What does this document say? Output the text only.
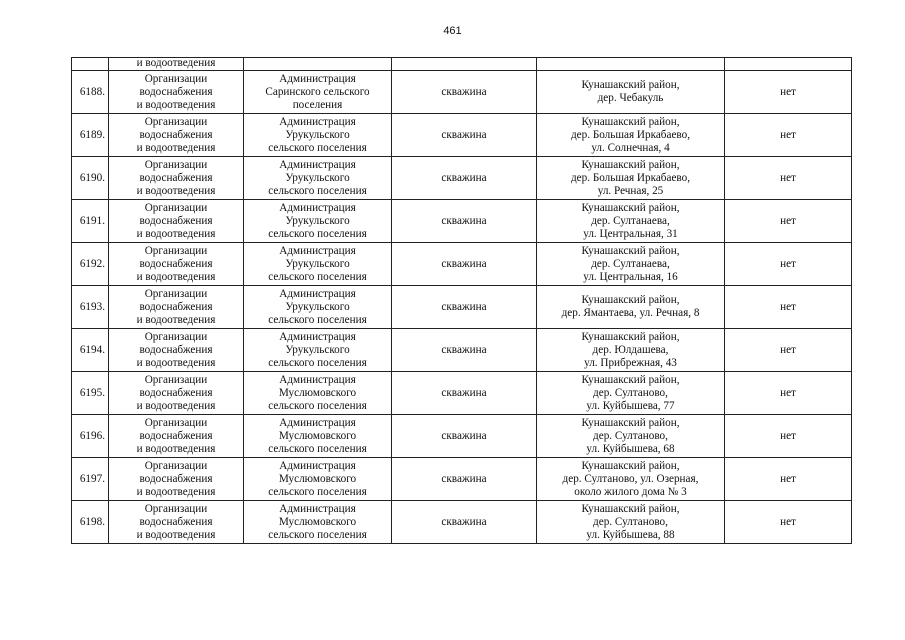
461
	и водоотведения				
6188.	Организации
водоснабжения
и водоотведения	Администрация
Саринского сельского
поселения	скважина	Кунашакский район,
дер. Чебакуль	нет
6189.	Организации
водоснабжения
и водоотведения	Администрация
Урукульского
сельского поселения	скважина	Кунашакский район,
дер. Большая Иркабаево,
ул. Солнечная, 4	нет
6190.	Организации
водоснабжения
и водоотведения	Администрация
Урукульского
сельского поселения	скважина	Кунашакский район,
дер. Большая Иркабаево,
ул. Речная, 25	нет
6191.	Организации
водоснабжения
и водоотведения	Администрация
Урукульского
сельского поселения	скважина	Кунашакский район,
дер. Султанаева,
ул. Центральная, 31	нет
6192.	Организации
водоснабжения
и водоотведения	Администрация
Урукульского
сельского поселения	скважина	Кунашакский район,
дер. Султанаева,
ул. Центральная, 16	нет
6193.	Организации
водоснабжения
и водоотведения	Администрация
Урукульского
сельского поселения	скважина	Кунашакский район,
дер. Ямантаева, ул. Речная, 8	нет
6194.	Организации
водоснабжения
и водоотведения	Администрация
Урукульского
сельского поселения	скважина	Кунашакский район,
дер. Юлдашева,
ул. Прибрежная, 43	нет
6195.	Организации
водоснабжения
и водоотведения	Администрация
Муслюмовского
сельского поселения	скважина	Кунашакский район,
дер. Султаново,
ул. Куйбышева, 77	нет
6196.	Организации
водоснабжения
и водоотведения	Администрация
Муслюмовского
сельского поселения	скважина	Кунашакский район,
дер. Султаново,
ул. Куйбышева, 68	нет
6197.	Организации
водоснабжения
и водоотведения	Администрация
Муслюмовского
сельского поселения	скважина	Кунашакский район,
дер. Султаново, ул. Озерная,
около жилого дома № 3	нет
6198.	Организации
водоснабжения
и водоотведения	Администрация
Муслюмовского
сельского поселения	скважина	Кунашакский район,
дер. Султаново,
ул. Куйбышева, 88	нет
